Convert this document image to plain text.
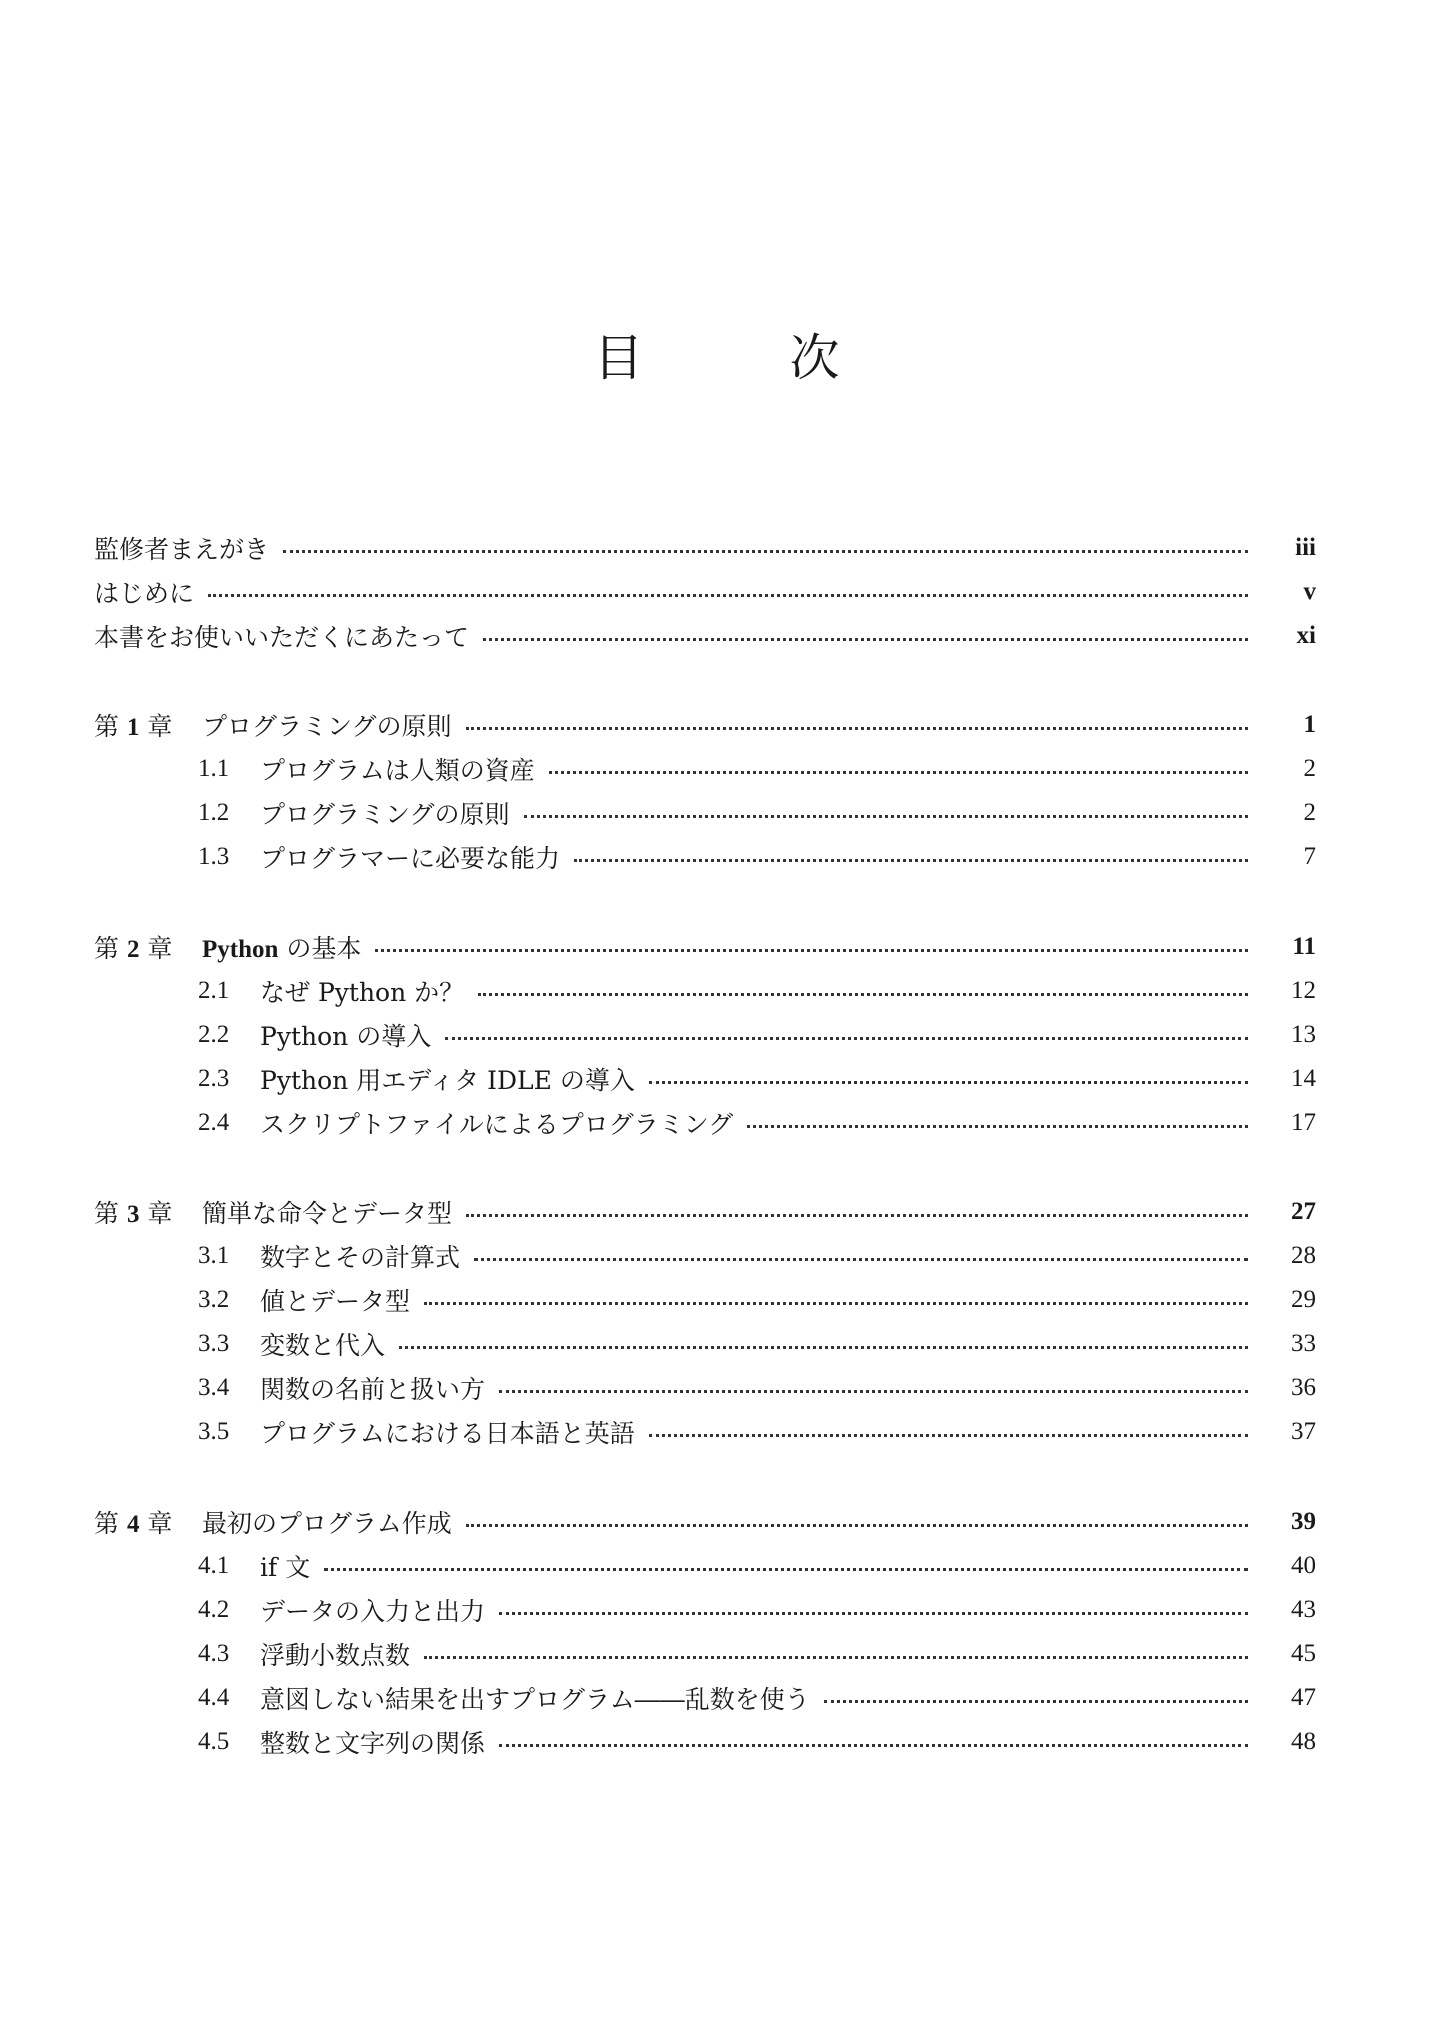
目　次
監修者まえがき	iii
はじめに	v
本書をお使いいただくにあたって	xi
第 1 章	プログラミングの原則	1
1.1	プログラムは人類の資産	2
1.2	プログラミングの原則	2
1.3	プログラマーに必要な能力	7
第 2 章	Python の基本	11
2.1	なぜ Python か？	12
2.2	Python の導入	13
2.3	Python 用エディタ IDLE の導入	14
2.4	スクリプトファイルによるプログラミング	17
第 3 章	簡単な命令とデータ型	27
3.1	数字とその計算式	28
3.2	値とデータ型	29
3.3	変数と代入	33
3.4	関数の名前と扱い方	36
3.5	プログラムにおける日本語と英語	37
第 4 章	最初のプログラム作成	39
4.1	if 文	40
4.2	データの入力と出力	43
4.3	浮動小数点数	45
4.4	意図しない結果を出すプログラム――乱数を使う	47
4.5	整数と文字列の関係	48
